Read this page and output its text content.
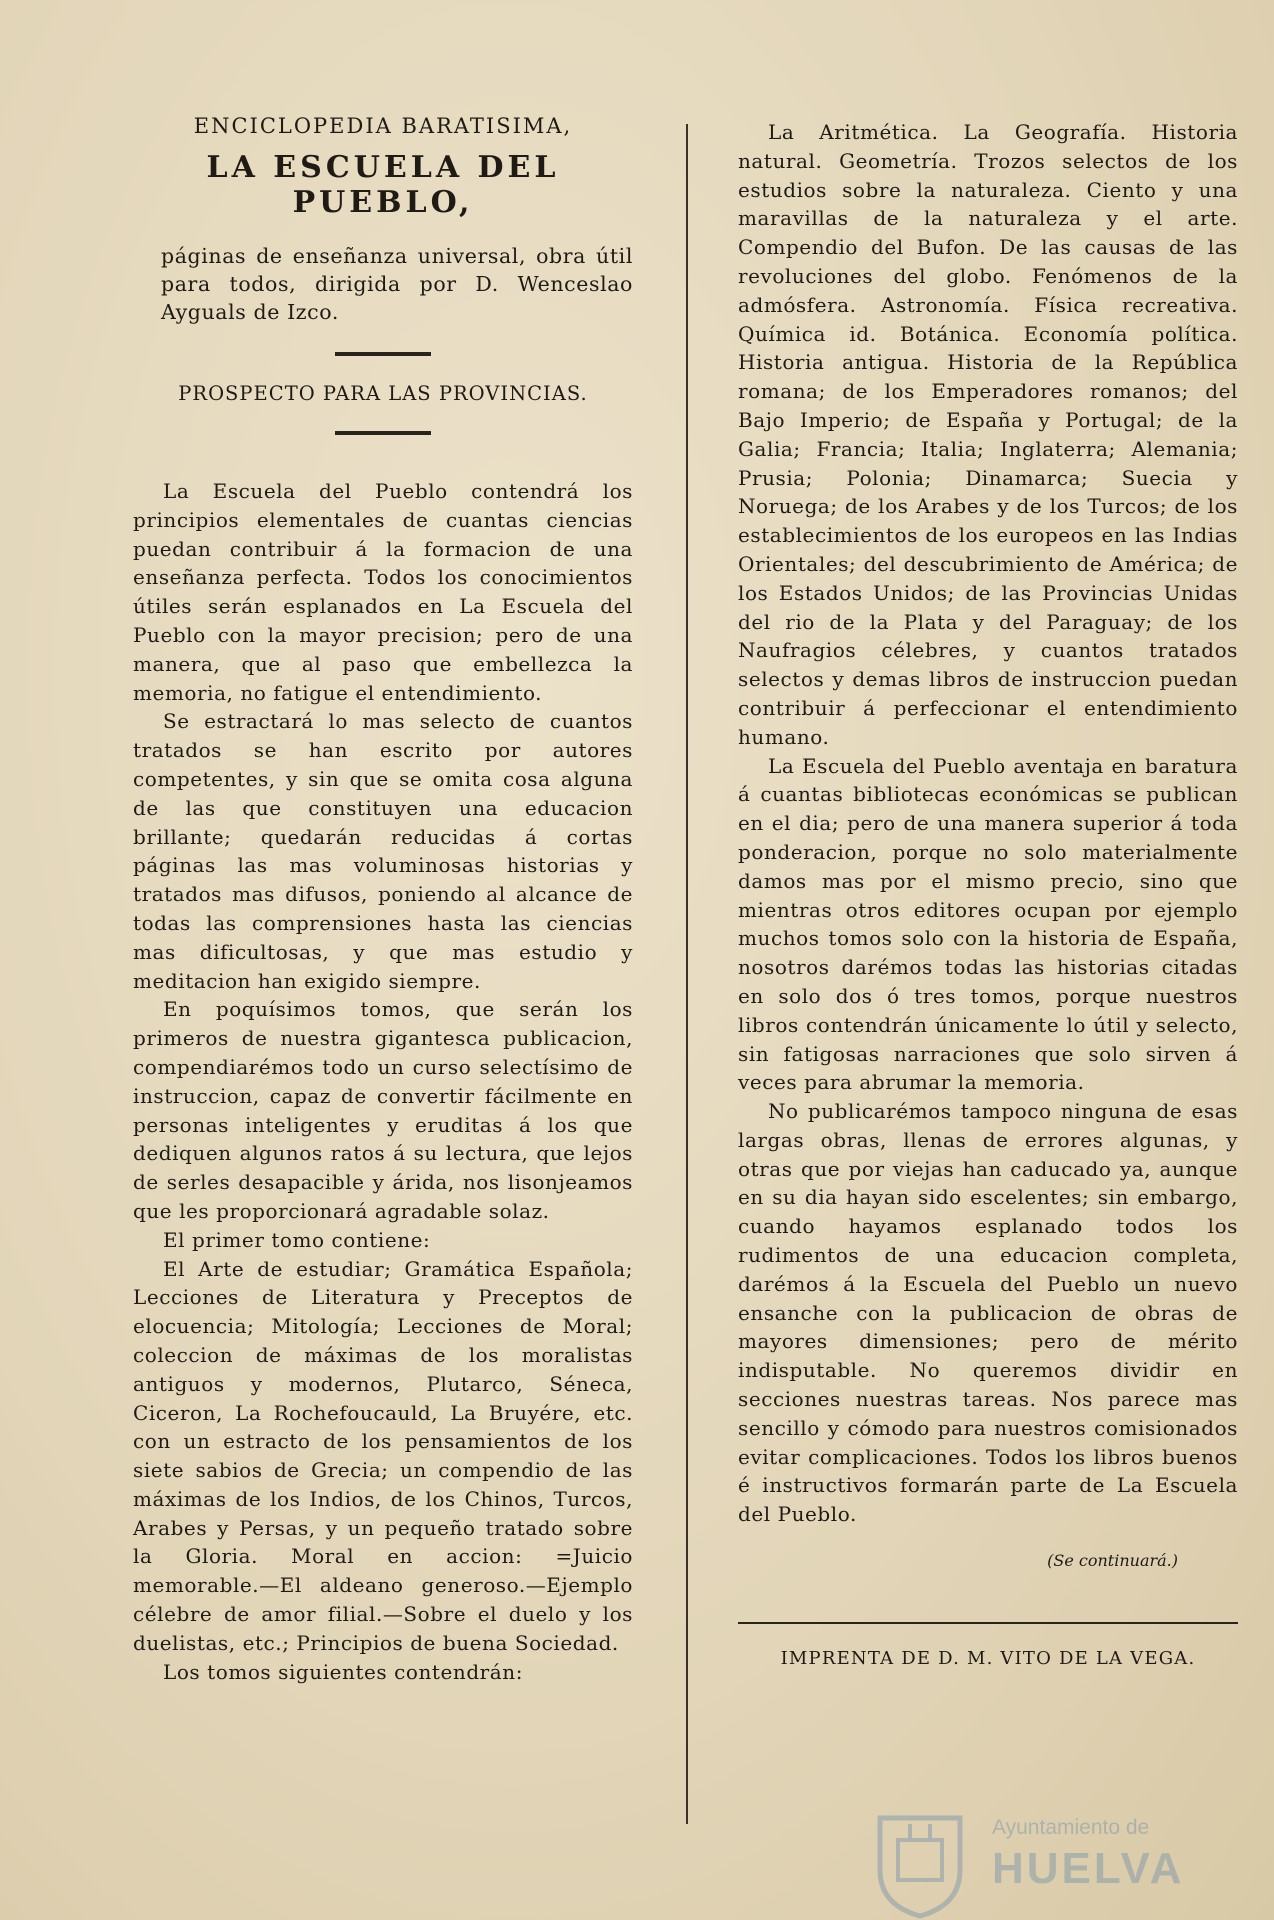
ENCICLOPEDIA BARATISIMA,
LA ESCUELA DEL PUEBLO,

páginas de enseñanza universal, obra útil para todos, dirigida por D. Wenceslao Ayguals de Izco.

PROSPECTO PARA LAS PROVINCIAS.

La Escuela del Pueblo contendrá los principios elementales de cuantas ciencias puedan contribuir á la formacion de una enseñanza perfecta. Todos los conocimientos útiles serán esplanados en La Escuela del Pueblo con la mayor precision; pero de una manera, que al paso que embellezca la memoria, no fatigue el entendimiento.

Se estractará lo mas selecto de cuantos tratados se han escrito por autores competentes, y sin que se omita cosa alguna de las que constituyen una educacion brillante; quedarán reducidas á cortas páginas las mas voluminosas historias y tratados mas difusos, poniendo al alcance de todas las comprensiones hasta las ciencias mas dificultosas, y que mas estudio y meditacion han exigido siempre.

En poquísimos tomos, que serán los primeros de nuestra gigantesca publicacion, compendiarémos todo un curso selectísimo de instruccion, capaz de convertir fácilmente en personas inteligentes y eruditas á los que dediquen algunos ratos á su lectura, que lejos de serles desapacible y árida, nos lisonjeamos que les proporcionará agradable solaz.

El primer tomo contiene:

El Arte de estudiar; Gramática Española; Lecciones de Literatura y Preceptos de elocuencia; Mitología; Lecciones de Moral; coleccion de máximas de los moralistas antiguos y modernos, Plutarco, Séneca, Ciceron, La Rochefoucauld, La Bruyére, etc. con un estracto de los pensamientos de los siete sabios de Grecia; un compendio de las máximas de los Indios, de los Chinos, Turcos, Arabes y Persas, y un pequeño tratado sobre la Gloria. Moral en accion: =Juicio memorable.—El aldeano generoso.—Ejemplo célebre de amor filial.—Sobre el duelo y los duelistas, etc.; Principios de buena Sociedad.

Los tomos siguientes contendrán:

La Aritmética. La Geografía. Historia natural. Geometría. Trozos selectos de los estudios sobre la naturaleza. Ciento y una maravillas de la naturaleza y el arte. Compendio del Bufon. De las causas de las revoluciones del globo. Fenómenos de la admósfera. Astronomía. Física recreativa. Química id. Botánica. Economía política. Historia antigua. Historia de la República romana; de los Emperadores romanos; del Bajo Imperio; de España y Portugal; de la Galia; Francia; Italia; Inglaterra; Alemania; Prusia; Polonia; Dinamarca; Suecia y Noruega; de los Arabes y de los Turcos; de los establecimientos de los europeos en las Indias Orientales; del descubrimiento de América; de los Estados Unidos; de las Provincias Unidas del rio de la Plata y del Paraguay; de los Naufragios célebres, y cuantos tratados selectos y demas libros de instruccion puedan contribuir á perfeccionar el entendimiento humano.

La Escuela del Pueblo aventaja en baratura á cuantas bibliotecas económicas se publican en el dia; pero de una manera superior á toda ponderacion, porque no solo materialmente damos mas por el mismo precio, sino que mientras otros editores ocupan por ejemplo muchos tomos solo con la historia de España, nosotros darémos todas las historias citadas en solo dos ó tres tomos, porque nuestros libros contendrán únicamente lo útil y selecto, sin fatigosas narraciones que solo sirven á veces para abrumar la memoria.

No publicarémos tampoco ninguna de esas largas obras, llenas de errores algunas, y otras que por viejas han caducado ya, aunque en su dia hayan sido escelentes; sin embargo, cuando hayamos esplanado todos los rudimentos de una educacion completa, darémos á la Escuela del Pueblo un nuevo ensanche con la publicacion de obras de mayores dimensiones; pero de mérito indisputable. No queremos dividir en secciones nuestras tareas. Nos parece mas sencillo y cómodo para nuestros comisionados evitar complicaciones. Todos los libros buenos é instructivos formarán parte de La Escuela del Pueblo.

(Se continuará.)

IMPRENTA DE D. M. VITO DE LA VEGA.

Ayuntamiento de
HUELVA
